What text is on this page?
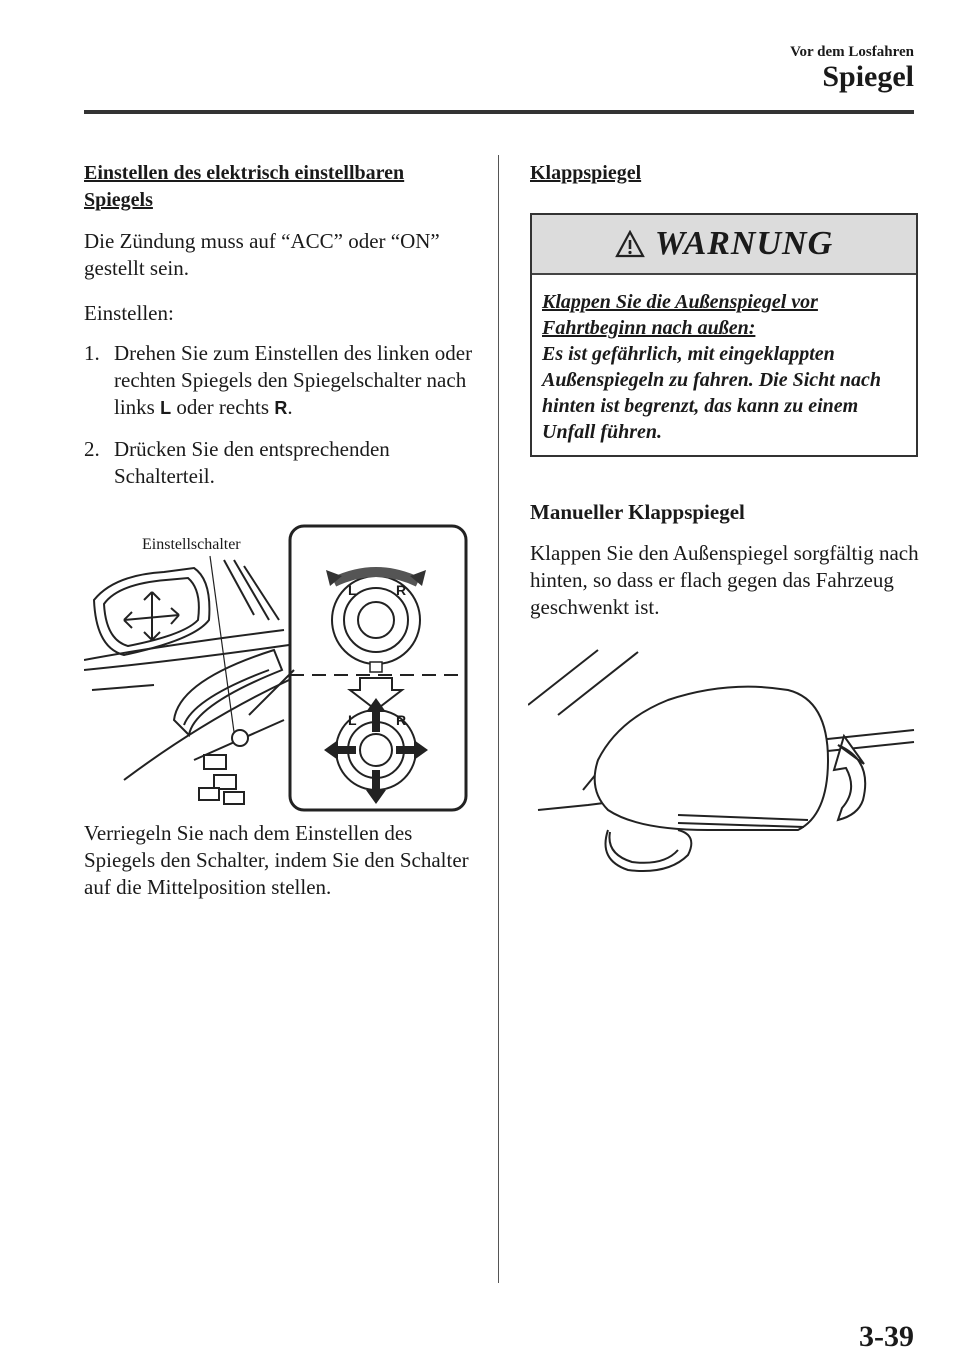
Vor dem Losfahren
Spiegel
Einstellen des elektrisch einstellbaren Spiegels
Die Zündung muss auf “ACC” oder “ON” gestellt sein.
Einstellen:
1. Drehen Sie zum Einstellen des linken oder rechten Spiegels den Spiegelschalter nach links L oder rechts R.
2. Drücken Sie den entsprechenden Schalterteil.
Einstellschalter
L	R
L	R
Verriegeln Sie nach dem Einstellen des Spiegels den Schalter, indem Sie den Schalter auf die Mittelposition stellen.
Klappspiegel
WARNUNG
Klappen Sie die Außenspiegel vor
Fahrtbeginn nach außen:
Es ist gefährlich, mit eingeklappten Außenspiegeln zu fahren. Die Sicht nach hinten ist begrenzt, das kann zu einem Unfall führen.
Manueller Klappspiegel
Klappen Sie den Außenspiegel sorgfältig nach hinten, so dass er flach gegen das Fahrzeug geschwenkt ist.
3-39
